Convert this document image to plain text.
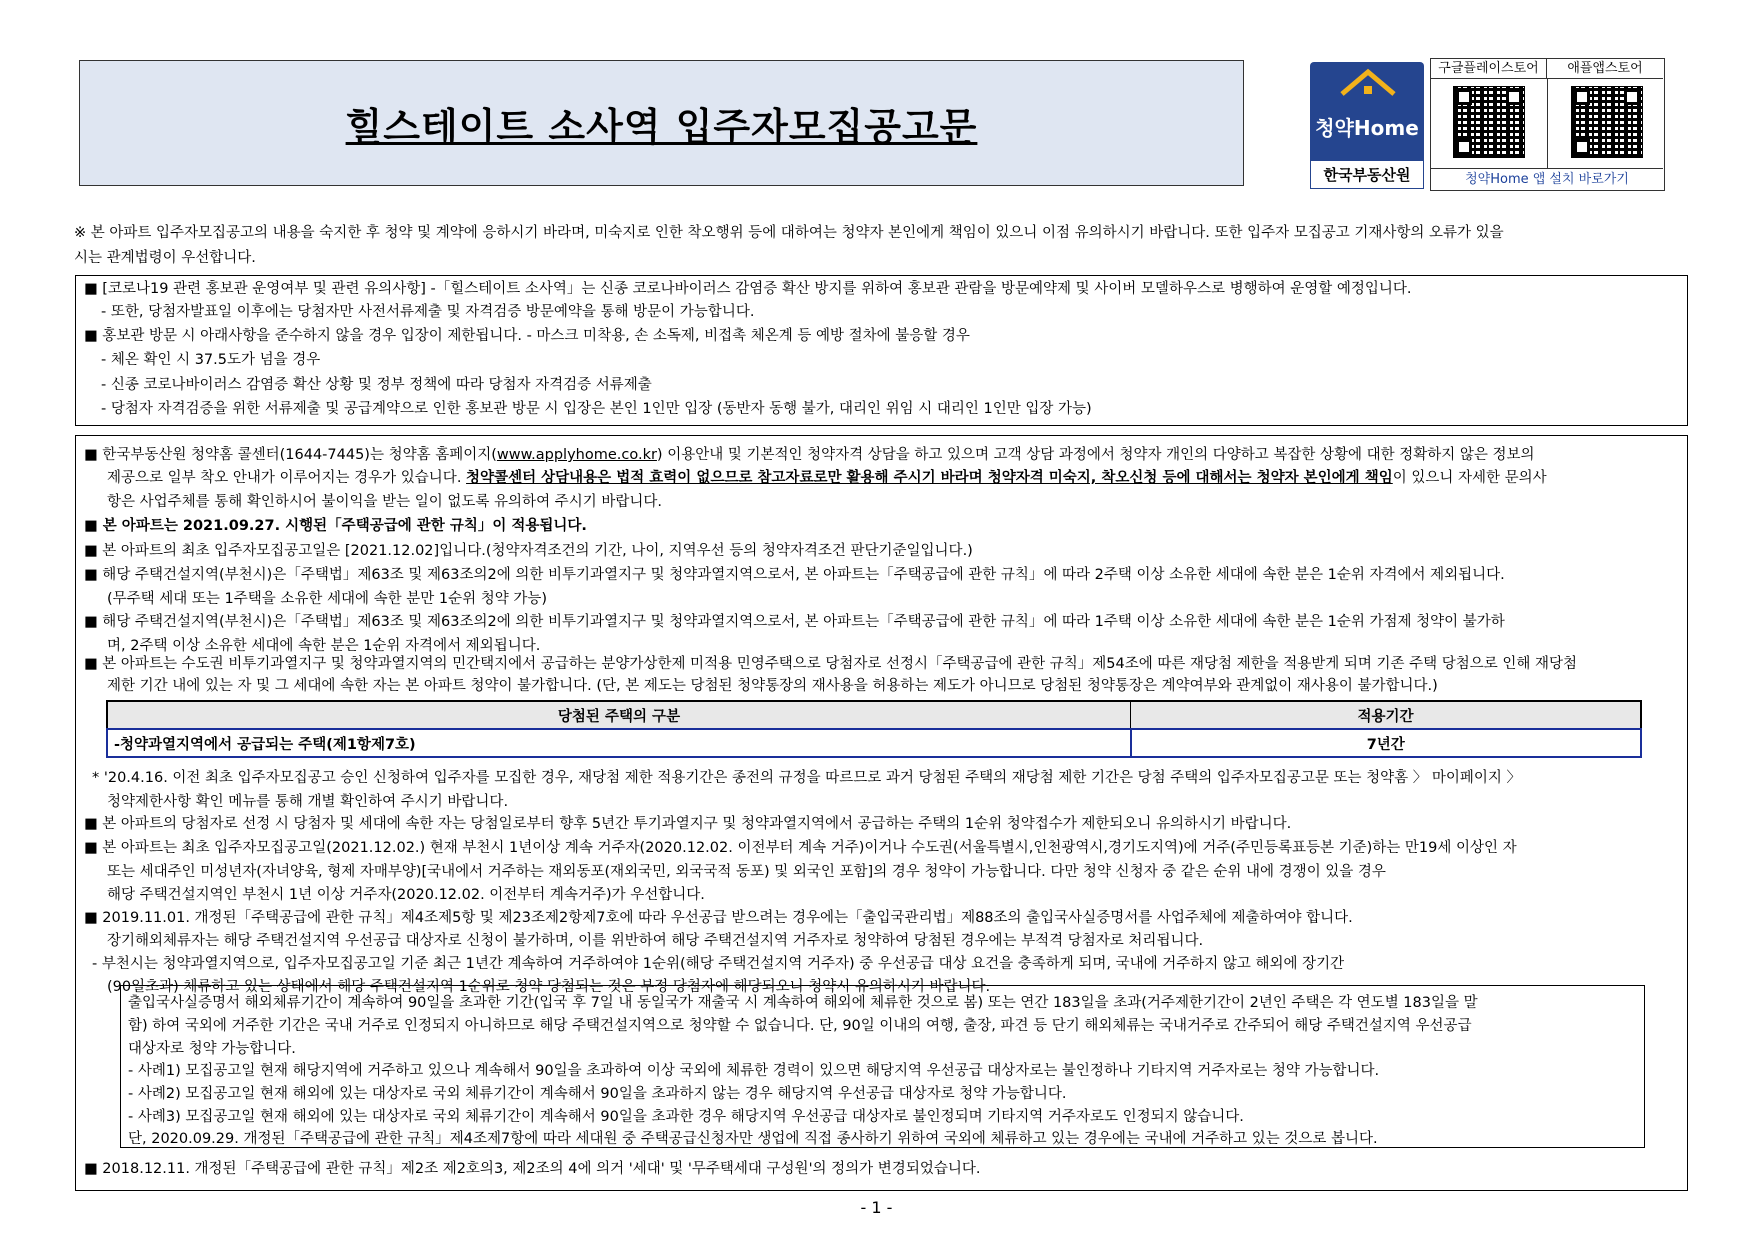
힐스테이트 소사역 입주자모집공고문	청약Home
한국부동산원
구글플레이스토어	애플앱스토어
청약Home 앱 설치 바로가기
※ 본 아파트 입주자모집공고의 내용을 숙지한 후 청약 및 계약에 응하시기 바라며, 미숙지로 인한 착오행위 등에 대하여는 청약자 본인에게 책임이 있으니 이점 유의하시기 바랍니다. 또한 입주자 모집공고 기재사항의 오류가 있을
시는 관계법령이 우선합니다.
■ [코로나19 관련 홍보관 운영여부 및 관련 유의사항] -「힐스테이트 소사역」는 신종 코로나바이러스 감염증 확산 방지를 위하여 홍보관 관람을 방문예약제 및 사이버 모델하우스로 병행하여 운영할 예정입니다.
- 또한, 당첨자발표일 이후에는 당첨자만 사전서류제출 및 자격검증 방문예약을 통해 방문이 가능합니다.
■ 홍보관 방문 시 아래사항을 준수하지 않을 경우 입장이 제한됩니다. - 마스크 미착용, 손 소독제, 비접촉 체온계 등 예방 절차에 불응할 경우
- 체온 확인 시 37.5도가 넘을 경우
- 신종 코로나바이러스 감염증 확산 상황 및 정부 정책에 따라 당첨자 자격검증 서류제출
- 당첨자 자격검증을 위한 서류제출 및 공급계약으로 인한 홍보관 방문 시 입장은 본인 1인만 입장 (동반자 동행 불가, 대리인 위임 시 대리인 1인만 입장 가능)
■ 한국부동산원 청약홈 콜센터(1644-7445)는 청약홈 홈페이지(www.applyhome.co.kr) 이용안내 및 기본적인 청약자격 상담을 하고 있으며 고객 상담 과정에서 청약자 개인의 다양하고 복잡한 상황에 대한 정확하지 않은 정보의
제공으로 일부 착오 안내가 이루어지는 경우가 있습니다. 청약콜센터 상담내용은 법적 효력이 없으므로 참고자료로만 활용해 주시기 바라며 청약자격 미숙지, 착오신청 등에 대해서는 청약자 본인에게 책임이 있으니 자세한 문의사
항은 사업주체를 통해 확인하시어 불이익을 받는 일이 없도록 유의하여 주시기 바랍니다.
■ 본 아파트는 2021.09.27. 시행된「주택공급에 관한 규칙」이 적용됩니다.
■ 본 아파트의 최초 입주자모집공고일은 [2021.12.02]입니다.(청약자격조건의 기간, 나이, 지역우선 등의 청약자격조건 판단기준일입니다.)
■ 해당 주택건설지역(부천시)은「주택법」제63조 및 제63조의2에 의한 비투기과열지구 및 청약과열지역으로서, 본 아파트는「주택공급에 관한 규칙」에 따라 2주택 이상 소유한 세대에 속한 분은 1순위 자격에서 제외됩니다.
(무주택 세대 또는 1주택을 소유한 세대에 속한 분만 1순위 청약 가능)
■ 해당 주택건설지역(부천시)은「주택법」제63조 및 제63조의2에 의한 비투기과열지구 및 청약과열지역으로서, 본 아파트는「주택공급에 관한 규칙」에 따라 1주택 이상 소유한 세대에 속한 분은 1순위 가점제 청약이 불가하
며, 2주택 이상 소유한 세대에 속한 분은 1순위 자격에서 제외됩니다.
■ 본 아파트는 수도권 비투기과열지구 및 청약과열지역의 민간택지에서 공급하는 분양가상한제 미적용 민영주택으로 당첨자로 선정시「주택공급에 관한 규칙」제54조에 따른 재당첨 제한을 적용받게 되며 기존 주택 당첨으로 인해 재당첨
제한 기간 내에 있는 자 및 그 세대에 속한 자는 본 아파트 청약이 불가합니다. (단, 본 제도는 당첨된 청약통장의 재사용을 허용하는 제도가 아니므로 당첨된 청약통장은 계약여부와 관계없이 재사용이 불가합니다.)
당첨된 주택의 구분	적용기간
-청약과열지역에서 공급되는 주택(제1항제7호)	7년간
* '20.4.16. 이전 최초 입주자모집공고 승인 신청하여 입주자를 모집한 경우, 재당첨 제한 적용기간은 종전의 규정을 따르므로 과거 당첨된 주택의 재당첨 제한 기간은 당첨 주택의 입주자모집공고문 또는 청약홈 〉 마이페이지 〉
청약제한사항 확인 메뉴를 통해 개별 확인하여 주시기 바랍니다.
■ 본 아파트의 당첨자로 선정 시 당첨자 및 세대에 속한 자는 당첨일로부터 향후 5년간 투기과열지구 및 청약과열지역에서 공급하는 주택의 1순위 청약접수가 제한되오니 유의하시기 바랍니다.
■ 본 아파트는 최초 입주자모집공고일(2021.12.02.) 현재 부천시 1년이상 계속 거주자(2020.12.02. 이전부터 계속 거주)이거나 수도권(서울특별시,인천광역시,경기도지역)에 거주(주민등록표등본 기준)하는 만19세 이상인 자
또는 세대주인 미성년자(자녀양육, 형제 자매부양)[국내에서 거주하는 재외동포(재외국민, 외국국적 동포) 및 외국인 포함]의 경우 청약이 가능합니다. 다만 청약 신청자 중 같은 순위 내에 경쟁이 있을 경우
해당 주택건설지역인 부천시 1년 이상 거주자(2020.12.02. 이전부터 계속거주)가 우선합니다.
■ 2019.11.01. 개정된「주택공급에 관한 규칙」제4조제5항 및 제23조제2항제7호에 따라 우선공급 받으려는 경우에는「출입국관리법」제88조의 출입국사실증명서를 사업주체에 제출하여야 합니다.
장기해외체류자는 해당 주택건설지역 우선공급 대상자로 신청이 불가하며, 이를 위반하여 해당 주택건설지역 거주자로 청약하여 당첨된 경우에는 부적격 당첨자로 처리됩니다.
- 부천시는 청약과열지역으로, 입주자모집공고일 기준 최근 1년간 계속하여 거주하여야 1순위(해당 주택건설지역 거주자) 중 우선공급 대상 요건을 충족하게 되며, 국내에 거주하지 않고 해외에 장기간
(90일초과) 체류하고 있는 상태에서 해당 주택건설지역 1순위로 청약 당첨되는 것은 부정 당첨자에 해당되오니 청약시 유의하시기 바랍니다.
출입국사실증명서 해외체류기간이 계속하여 90일을 초과한 기간(입국 후 7일 내 동일국가 재출국 시 계속하여 해외에 체류한 것으로 봄) 또는 연간 183일을 초과(거주제한기간이 2년인 주택은 각 연도별 183일을 말
함) 하여 국외에 거주한 기간은 국내 거주로 인정되지 아니하므로 해당 주택건설지역으로 청약할 수 없습니다. 단, 90일 이내의 여행, 출장, 파견 등 단기 해외체류는 국내거주로 간주되어 해당 주택건설지역 우선공급
대상자로 청약 가능합니다.
- 사례1) 모집공고일 현재 해당지역에 거주하고 있으나 계속해서 90일을 초과하여 이상 국외에 체류한 경력이 있으면 해당지역 우선공급 대상자로는 불인정하나 기타지역 거주자로는 청약 가능합니다.
- 사례2) 모집공고일 현재 해외에 있는 대상자로 국외 체류기간이 계속해서 90일을 초과하지 않는 경우 해당지역 우선공급 대상자로 청약 가능합니다.
- 사례3) 모집공고일 현재 해외에 있는 대상자로 국외 체류기간이 계속해서 90일을 초과한 경우 해당지역 우선공급 대상자로 불인정되며 기타지역 거주자로도 인정되지 않습니다.
단, 2020.09.29. 개정된「주택공급에 관한 규칙」제4조제7항에 따라 세대원 중 주택공급신청자만 생업에 직접 종사하기 위하여 국외에 체류하고 있는 경우에는 국내에 거주하고 있는 것으로 봅니다.
■ 2018.12.11. 개정된「주택공급에 관한 규칙」제2조 제2호의3, 제2조의 4에 의거 '세대' 및 '무주택세대 구성원'의 정의가 변경되었습니다.
- 1 -
